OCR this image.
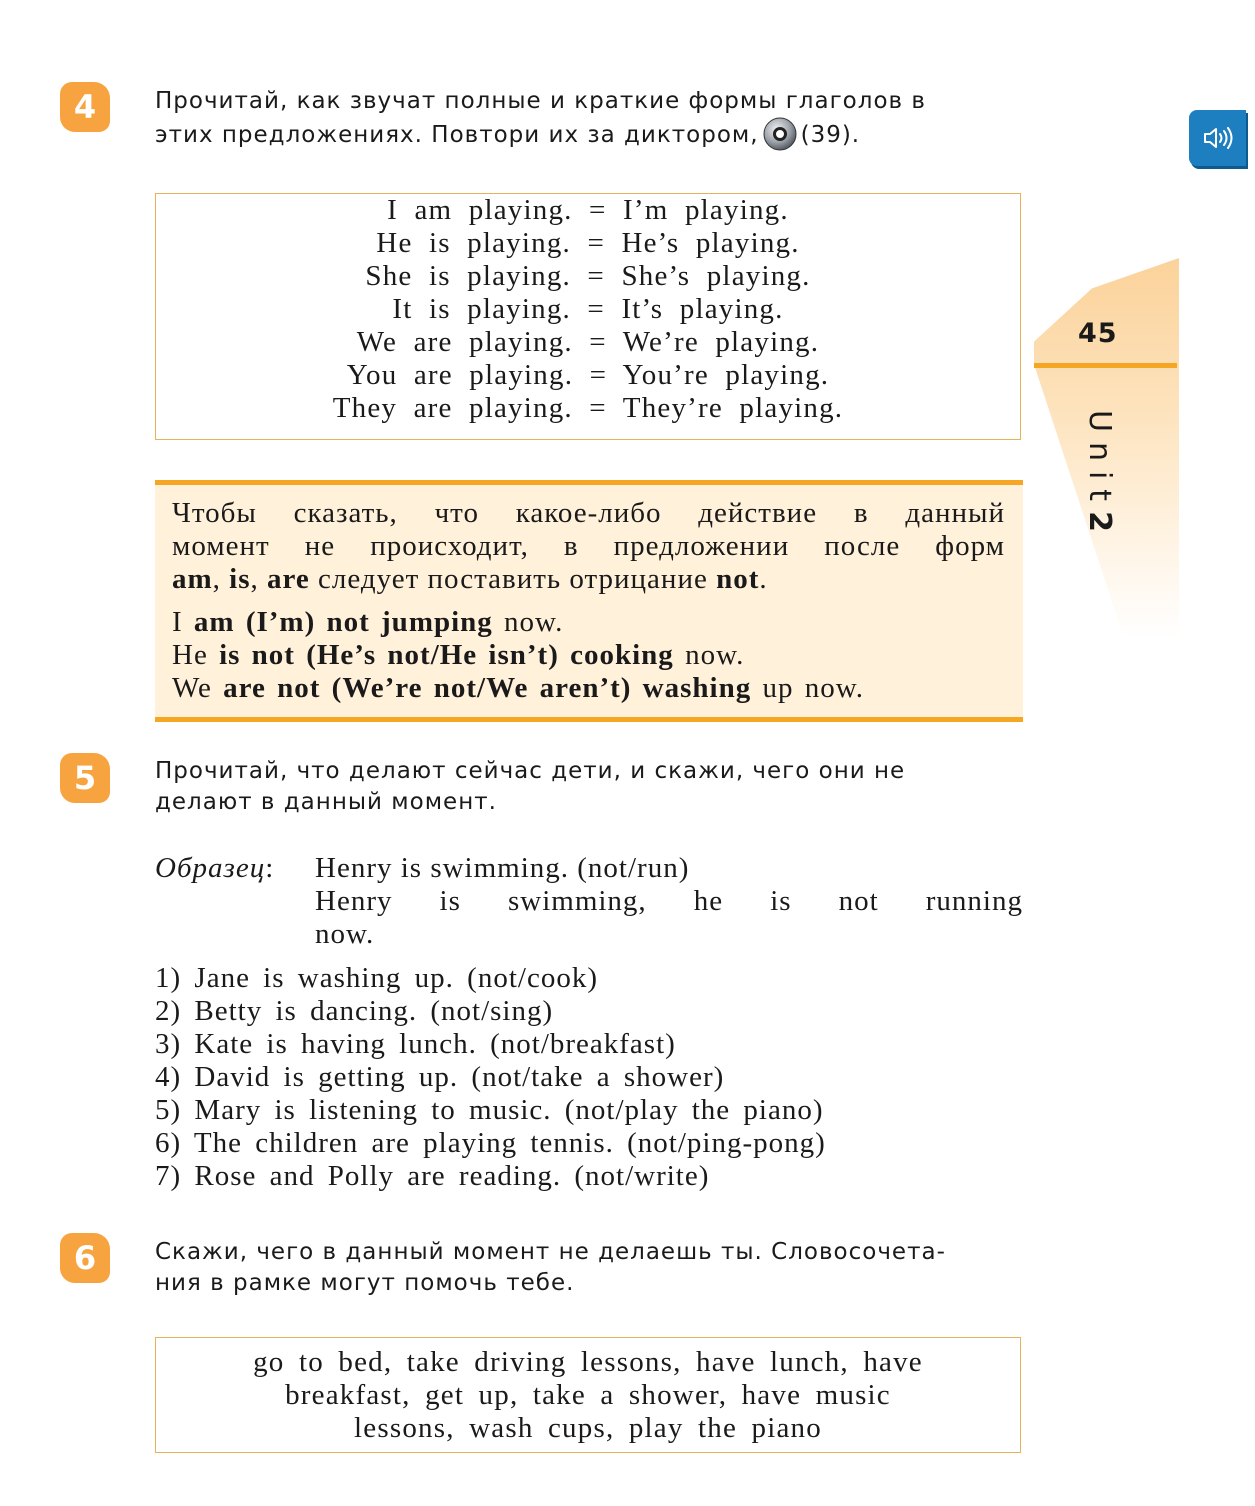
45
Unit2
4	Прочитай, как звучат полные и краткие формы глаголов в
этих предложениях. Повтори их за диктором, (39).
I am playing. = I’m playing.
He is playing. = He’s playing.
She is playing. = She’s playing.
It is playing. = It’s playing.
We are playing. = We’re playing.
You are playing. = You’re playing.
They are playing. = They’re playing.
Чтобы сказать, что какое-либо действие в данный
момент не происходит, в предложении после форм
am, is, are следует поставить отрицание not.
I am (I’m) not jumping now.
He is not (He’s not/He isn’t) cooking now.
We are not (We’re not/We aren’t) washing up now.
5	Прочитай, что делают сейчас дети, и скажи, чего они не
делают в данный момент.
Образец: Henry is swimming. (not/run)
Henry is swimming, he is not running
now.
1) Jane is washing up. (not/cook)
2) Betty is dancing. (not/sing)
3) Kate is having lunch. (not/breakfast)
4) David is getting up. (not/take a shower)
5) Mary is listening to music. (not/play the piano)
6) The children are playing tennis. (not/ping-pong)
7) Rose and Polly are reading. (not/write)
6	Скажи, чего в данный момент не делаешь ты. Словосочета-
ния в рамке могут помочь тебе.
go to bed, take driving lessons, have lunch, have
breakfast, get up, take a shower, have music
lessons, wash cups, play the piano
